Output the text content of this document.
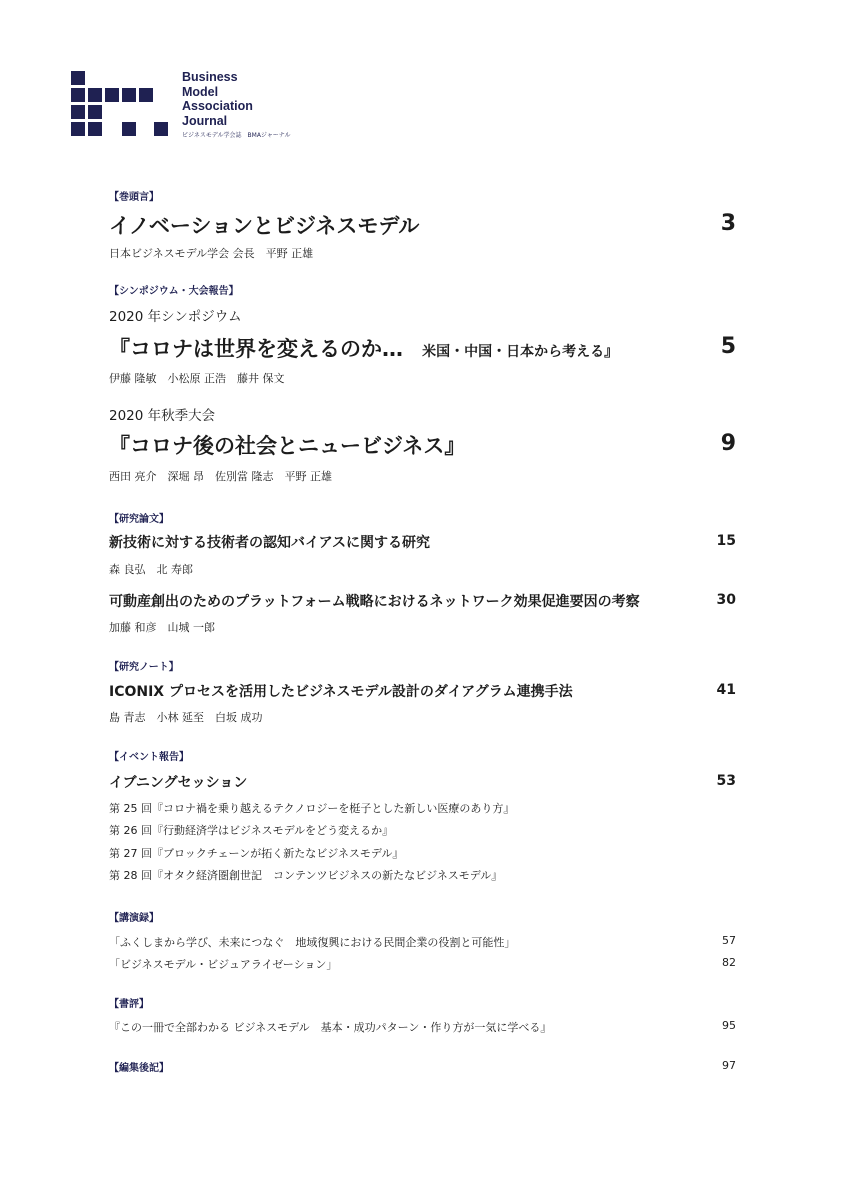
Business
Model
Association
Journal
ビジネスモデル学会誌　BMAジャーナル
【巻頭言】
イノベーションとビジネスモデル	3
日本ビジネスモデル学会 会長　平野 正雄
【シンポジウム・大会報告】
2020 年シンポジウム
『コロナは世界を変えるのか… 米国・中国・日本から考える』	5
伊藤 隆敏　小松原 正浩　藤井 保文
2020 年秋季大会
『コロナ後の社会とニュービジネス』	9
西田 亮介　深堀 昂　佐別當 隆志　平野 正雄
【研究論文】
新技術に対する技術者の認知バイアスに関する研究	15
森 良弘　北 寿郎
可動産創出のためのプラットフォーム戦略におけるネットワーク効果促進要因の考察	30
加藤 和彦　山城 一郎
【研究ノート】
ICONIX プロセスを活用したビジネスモデル設計のダイアグラム連携手法	41
島 青志　小林 延至　白坂 成功
【イベント報告】
イブニングセッション	53
第 25 回『コロナ禍を乗り越えるテクノロジーを梃子とした新しい医療のあり方』
第 26 回『行動経済学はビジネスモデルをどう変えるか』
第 27 回『ブロックチェーンが拓く新たなビジネスモデル』
第 28 回『オタク経済圏創世記　コンテンツビジネスの新たなビジネスモデル』
【講演録】
「ふくしまから学び、未来につなぐ　地域復興における民間企業の役割と可能性」	57
「ビジネスモデル・ビジュアライゼーション」	82
【書評】
『この一冊で全部わかる ビジネスモデル　基本・成功パターン・作り方が一気に学べる』	95
【編集後記】	97
